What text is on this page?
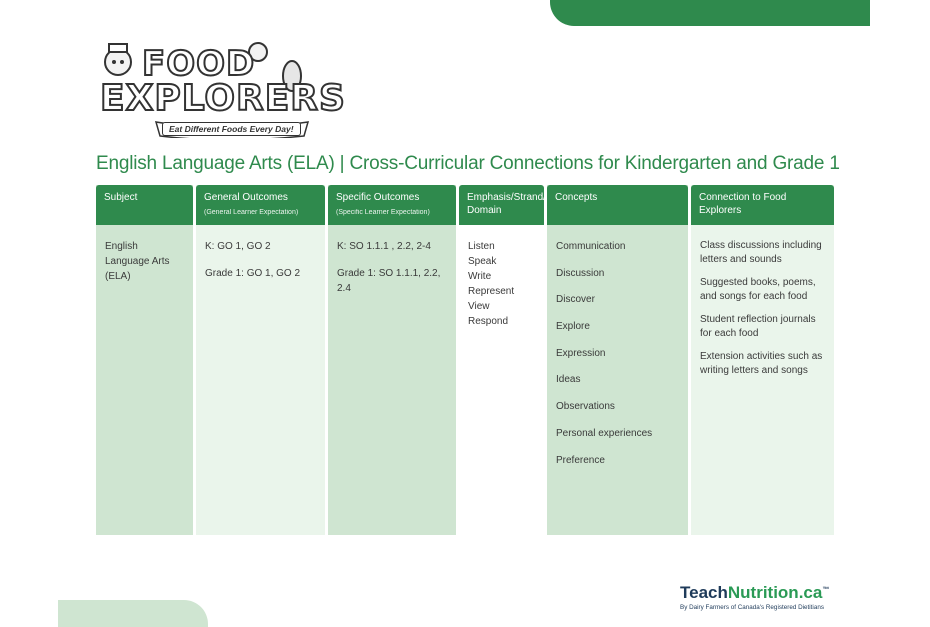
FOOD
EXPLORERS
Eat Different Foods Every Day!
English Language Arts (ELA) | Cross-Curricular Connections for Kindergarten and Grade 1
Subject
English Language Arts (ELA)
General Outcomes
(General Learner Expectation)
K: GO 1, GO 2
Grade 1: GO 1, GO 2
Specific Outcomes
(Specific Learner Expectation)
K: SO 1.1.1 , 2.2, 2-4
Grade 1: SO 1.1.1, 2.2, 2.4
Emphasis/Strand/ Domain
Listen
Speak
Write
Represent
View
Respond
Concepts
Communication
Discussion
Discover
Explore
Expression
Ideas
Observations
Personal experiences
Preference
Connection to Food Explorers
Class discussions including letters and sounds
Suggested books, poems, and songs for each food
Student reflection journals for each food
Extension activities such as writing letters and songs
TeachNutrition.ca™
By Dairy Farmers of Canada's Registered Dietitians
